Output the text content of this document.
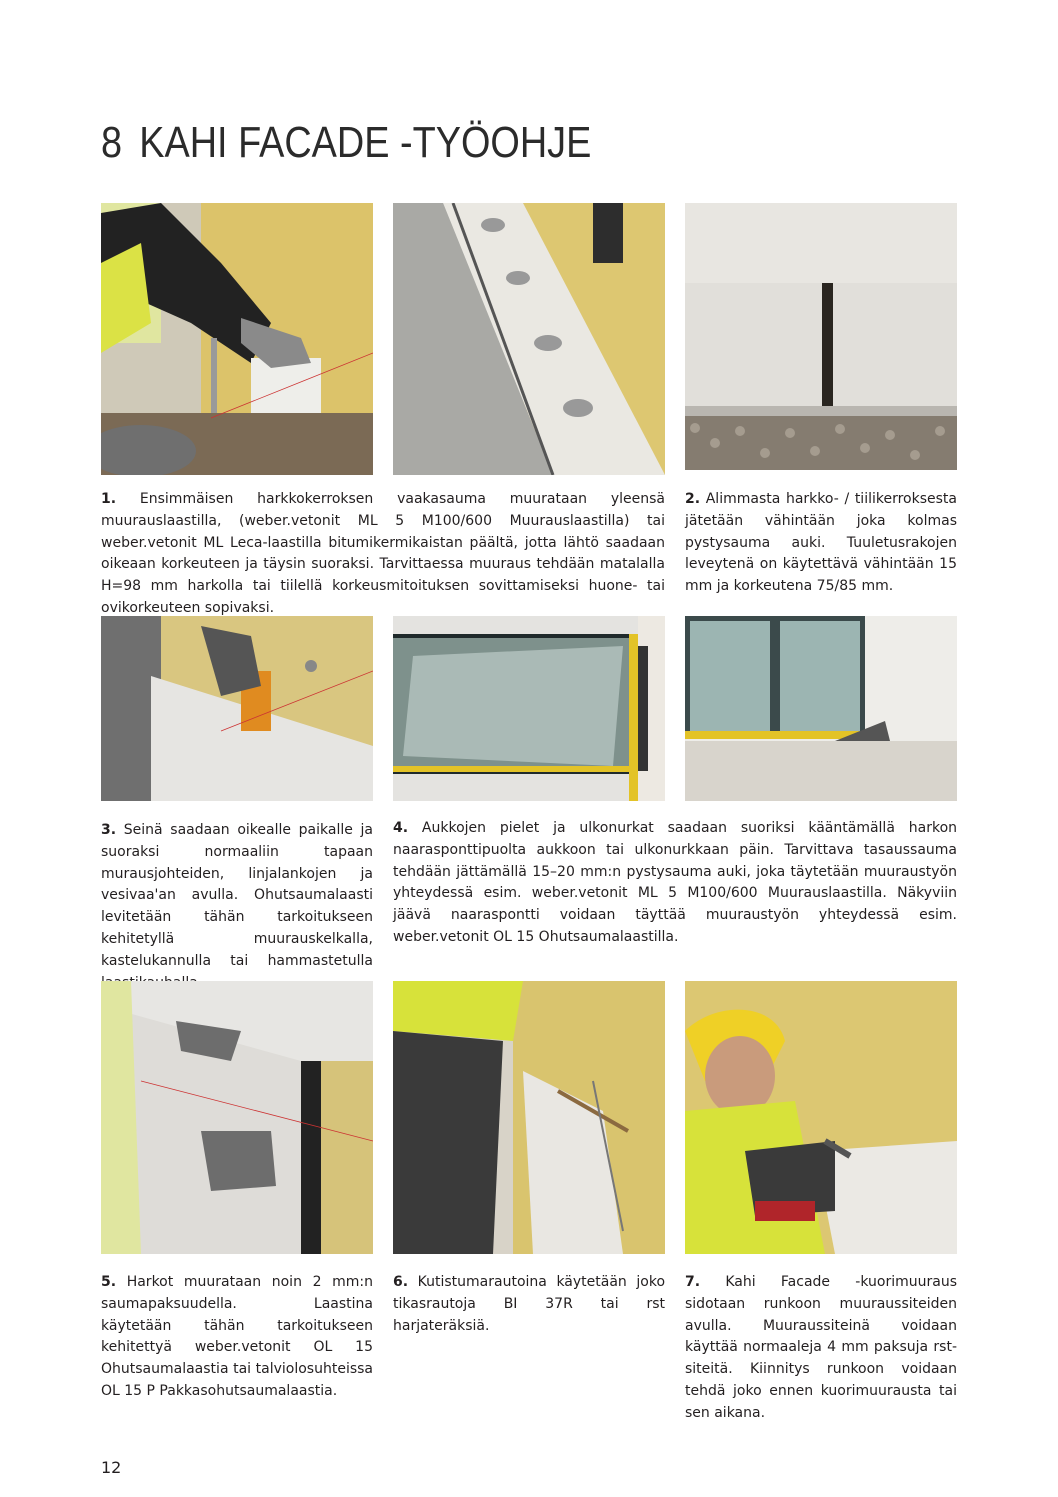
8 KAHI FACADE -TYÖOHJE
1. Ensimmäisen harkkokerroksen vaakasauma muurataan yleensä muurauslaastilla, (weber.vetonit ML 5 M100/600 Muurauslaastilla) tai weber.vetonit ML Leca-laastilla bitumikermikaistan päältä, jotta lähtö saadaan oikeaan korkeuteen ja täysin suoraksi. Tarvittaessa muuraus tehdään matalalla H=98 mm harkolla tai tiilellä korkeusmitoituksen sovittamiseksi huone- tai ovikorkeuteen sopivaksi.
2. Alimmasta harkko- / tiilikerroksesta jätetään vähintään joka kolmas pystysauma auki. Tuuletusrakojen leveytenä on käytettävä vähintään 15 mm ja korkeutena 75/85 mm.
3. Seinä saadaan oikealle paikalle ja suoraksi normaaliin tapaan murausjohteiden, linjalankojen ja vesivaa'an avulla. Ohutsaumalaasti levitetään tähän tarkoitukseen kehitetyllä muurauskelkalla, kastelukannulla tai hammastetulla
4. Aukkojen pielet ja ulkonurkat saadaan suoriksi kääntämällä harkon naarasponttipuolta aukkoon tai ulkonurkkaan päin. Tarvittava tasaussauma tehdään jättämällä 15–20 mm:n pystysauma auki, joka täytetään muuraustyön yhteydessä esim. weber.vetonit ML 5 M100/600 Muurauslaastilla. Näkyviin jäävä naaraspontti voidaan täyttää muuraustyön yhteydessä esim. weber.vetonit OL 15 Ohutsaumalaastilla.
5. Harkot muurataan noin 2 mm:n saumapaksuudella. Laastina käytetään tähän tarkoitukseen kehitettyä weber.vetonit OL 15 Ohutsaumalaastia tai talviolosuhteissa OL 15 P Pakkasohutsaumalaastia.
6. Kutistumarautoina käytetään joko tikasrautoja BI 37R tai rst harjateräksiä.
7. Kahi Facade -kuorimuuraus sidotaan runkoon muuraussiteiden avulla. Muuraussiteinä voidaan käyttää normaaleja 4 mm paksuja rst-siteitä. Kiinnitys runkoon voidaan tehdä joko ennen kuorimuurausta tai sen aikana.
12
